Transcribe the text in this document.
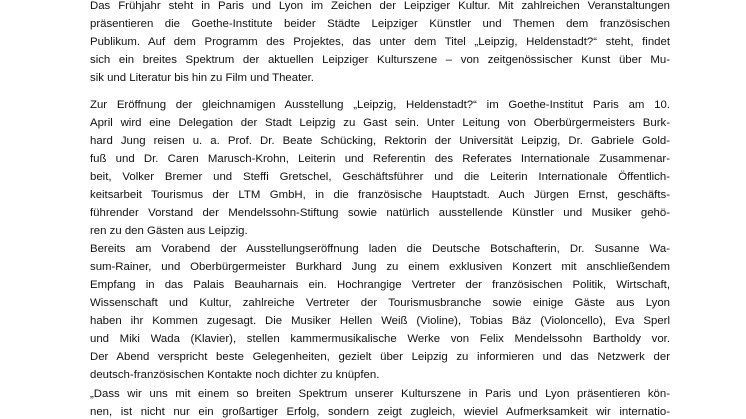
Das Frühjahr steht in Paris und Lyon im Zeichen der Leipziger Kultur. Mit zahlreichen Veranstaltungen
präsentieren die Goethe-Institute beider Städte Leipziger Künstler und Themen dem französischen
Publikum. Auf dem Programm des Projektes, das unter dem Titel „Leipzig, Heldenstadt?“ steht, findet
sich ein breites Spektrum der aktuellen Leipziger Kulturszene – von zeitgenössischer Kunst über Mu-
sik und Literatur bis hin zu Film und Theater.

Zur Eröffnung der gleichnamigen Ausstellung „Leipzig, Heldenstadt?“ im Goethe-Institut Paris am 10.
April wird eine Delegation der Stadt Leipzig zu Gast sein. Unter Leitung von Oberbürgermeisters Burk-
hard Jung reisen u. a. Prof. Dr. Beate Schücking, Rektorin der Universität Leipzig, Dr. Gabriele Gold-
fuß und Dr. Caren Marusch-Krohn, Leiterin und Referentin des Referates Internationale Zusammenar-
beit, Volker Bremer und Steffi Gretschel, Geschäftsführer und die Leiterin Internationale Öffentlich-
keitsarbeit Tourismus der LTM GmbH, in die französische Hauptstadt. Auch Jürgen Ernst, geschäfts-
führender Vorstand der Mendelssohn-Stiftung sowie natürlich ausstellende Künstler und Musiker gehö-
ren zu den Gästen aus Leipzig.

Bereits am Vorabend der Ausstellungseröffnung laden die Deutsche Botschafterin, Dr. Susanne Wa-
sum-Rainer, und Oberbürgermeister Burkhard Jung zu einem exklusiven Konzert mit anschließendem
Empfang in das Palais Beauharnais ein. Hochrangige Vertreter der französischen Politik, Wirtschaft,
Wissenschaft und Kultur, zahlreiche Vertreter der Tourismusbranche sowie einige Gäste aus Lyon
haben ihr Kommen zugesagt. Die Musiker Hellen Weiß (Violine), Tobias Bäz (Violoncello), Eva Sperl
und Miki Wada (Klavier), stellen kammermusikalische Werke von Felix Mendelssohn Bartholdy vor.
Der Abend verspricht beste Gelegenheiten, gezielt über Leipzig zu informieren und das Netzwerk der
deutsch-französischen Kontakte noch dichter zu knüpfen.

„Dass wir uns mit einem so breiten Spektrum unserer Kulturszene in Paris und Lyon präsentieren kön-
nen, ist nicht nur ein großartiger Erfolg, sondern zeigt zugleich, wieviel Aufmerksamkeit wir internatio-
